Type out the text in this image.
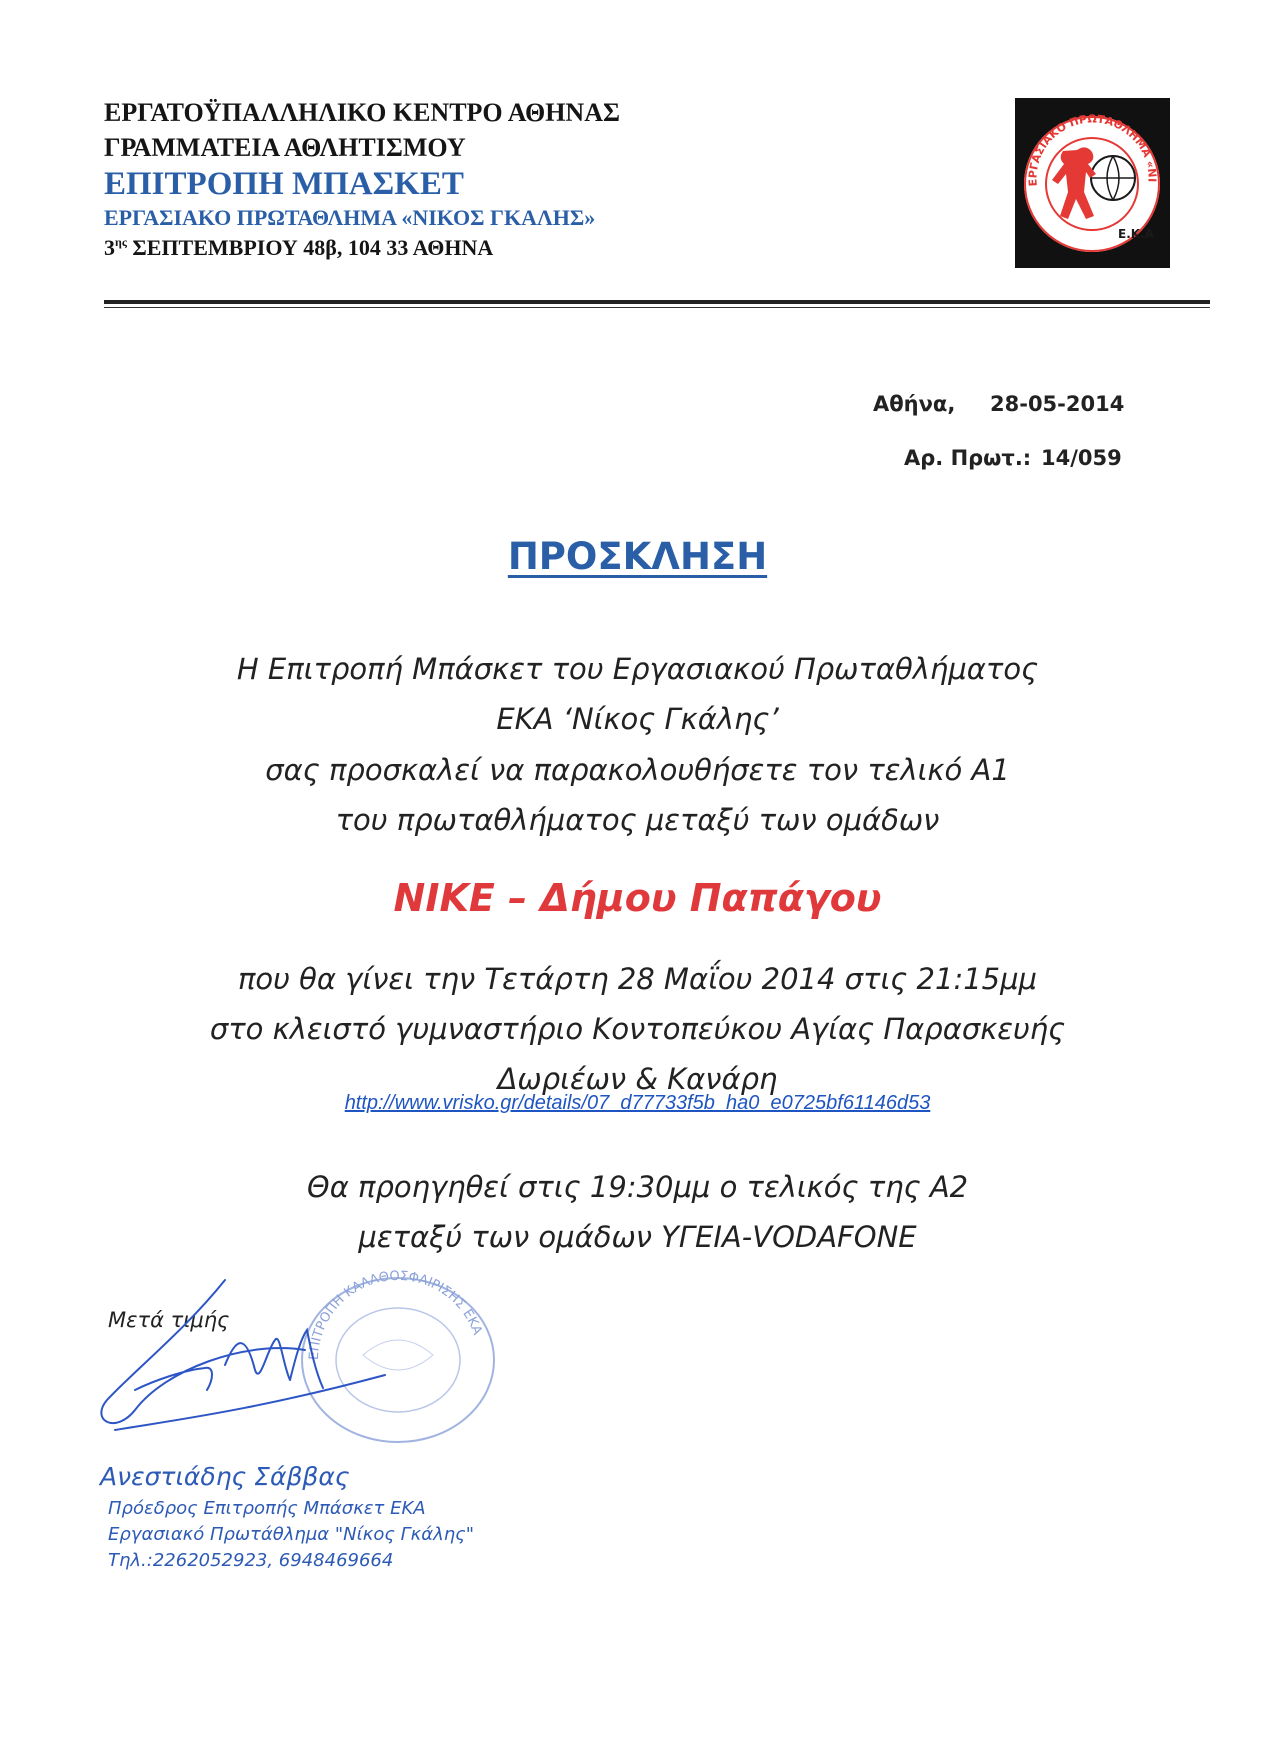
ΕΡΓΑΤΟΫΠΑΛΛΗΛΙΚΟ ΚΕΝΤΡΟ ΑΘΗΝΑΣ
ΓΡΑΜΜΑΤΕΙΑ ΑΘΛΗΤΙΣΜΟΥ
ΕΠΙΤΡΟΠΗ ΜΠΑΣΚΕΤ
ΕΡΓΑΣΙΑΚΟ ΠΡΩΤΑΘΛΗΜΑ «ΝΙΚΟΣ ΓΚΑΛΗΣ»
$3^{\eta\varsigma}$ ΣΕΠΤΕΜΒΡΙΟΥ 48β, 104 33 ΑΘΗΝΑ
ΕΡΓΑΣΙΑΚΟ ΠΡΩΤΑΘΛΗΜΑ «ΝΙ
Ε.Κ.Α
Αθήνα, 28-05-2014
Αρ. Πρωτ.: 14/059
ΠΡΟΣΚΛΗΣΗ
Η Επιτροπή Μπάσκετ του Εργασιακού Πρωταθλήματος
ΕΚΑ ‘Νίκος Γκάλης’
σας προσκαλεί να παρακολουθήσετε τον τελικό Α1
του πρωταθλήματος μεταξύ των ομάδων
NIKE – Δήμου Παπάγου
που θα γίνει την Τετάρτη 28 Μαΐου 2014 στις 21:15μμ
στο κλειστό γυμναστήριο Κοντοπεύκου Αγίας Παρασκευής
Δωριέων & Κανάρη
http://www.vrisko.gr/details/07_d77733f5b_ha0_e0725bf61146d53
Θα προηγηθεί στις 19:30μμ ο τελικός της Α2
μεταξύ των ομάδων ΥΓΕΙΑ-VODAFONE
ΕΠΙΤΡΟΠΗ ΚΑΛΑΘΟΣΦΑΙΡΙΣΗΣ ΕΚΑ
Μετά τιμής
Ανεστιάδης Σάββας
Πρόεδρος Επιτροπής Μπάσκετ ΕΚΑ
Εργασιακό Πρωτάθλημα "Νίκος Γκάλης"
Τηλ.:2262052923, 6948469664
